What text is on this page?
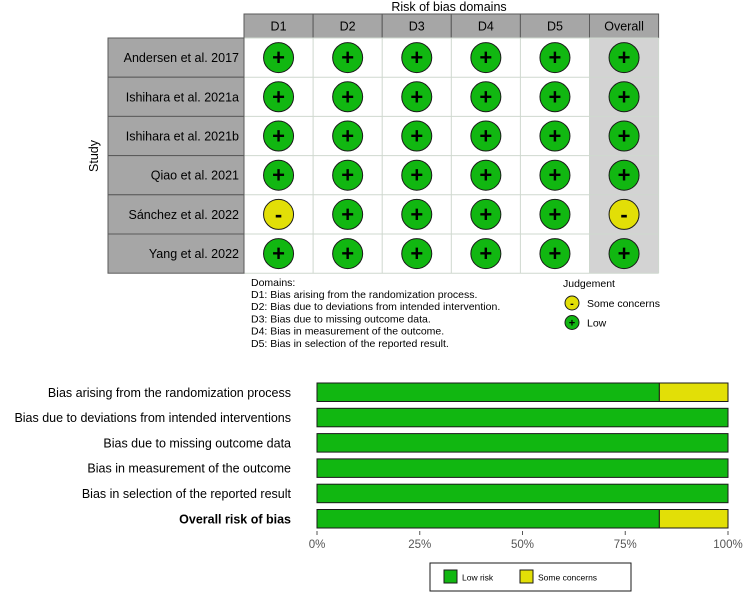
Risk of bias domains
Study
D1	D2	D3	D4	D5	Overall
Andersen et al. 2017 +	+	+	+	+	+
Ishihara et al. 2021a +	+	+	+	+	+
Ishihara et al. 2021b +	+	+	+	+	+
Qiao et al. 2021 +	+	+	+	+	+
Sánchez et al. 2022 -	+	+	+	+	-
Yang et al. 2022 +	+	+	+	+	+
Domains:
D1: Bias arising from the randomization process.
D2: Bias due to deviations from intended intervention.
D3: Bias due to missing outcome data.
D4: Bias in measurement of the outcome.
D5: Bias in selection of the reported result.
Judgement
- Some concerns
+ Low
Bias arising from the randomization process
Bias due to deviations from intended interventions
Bias due to missing outcome data
Bias in measurement of the outcome
Bias in selection of the reported result
Overall risk of bias
0%	25%	50%	75%	100%
Low risk	Some concerns
